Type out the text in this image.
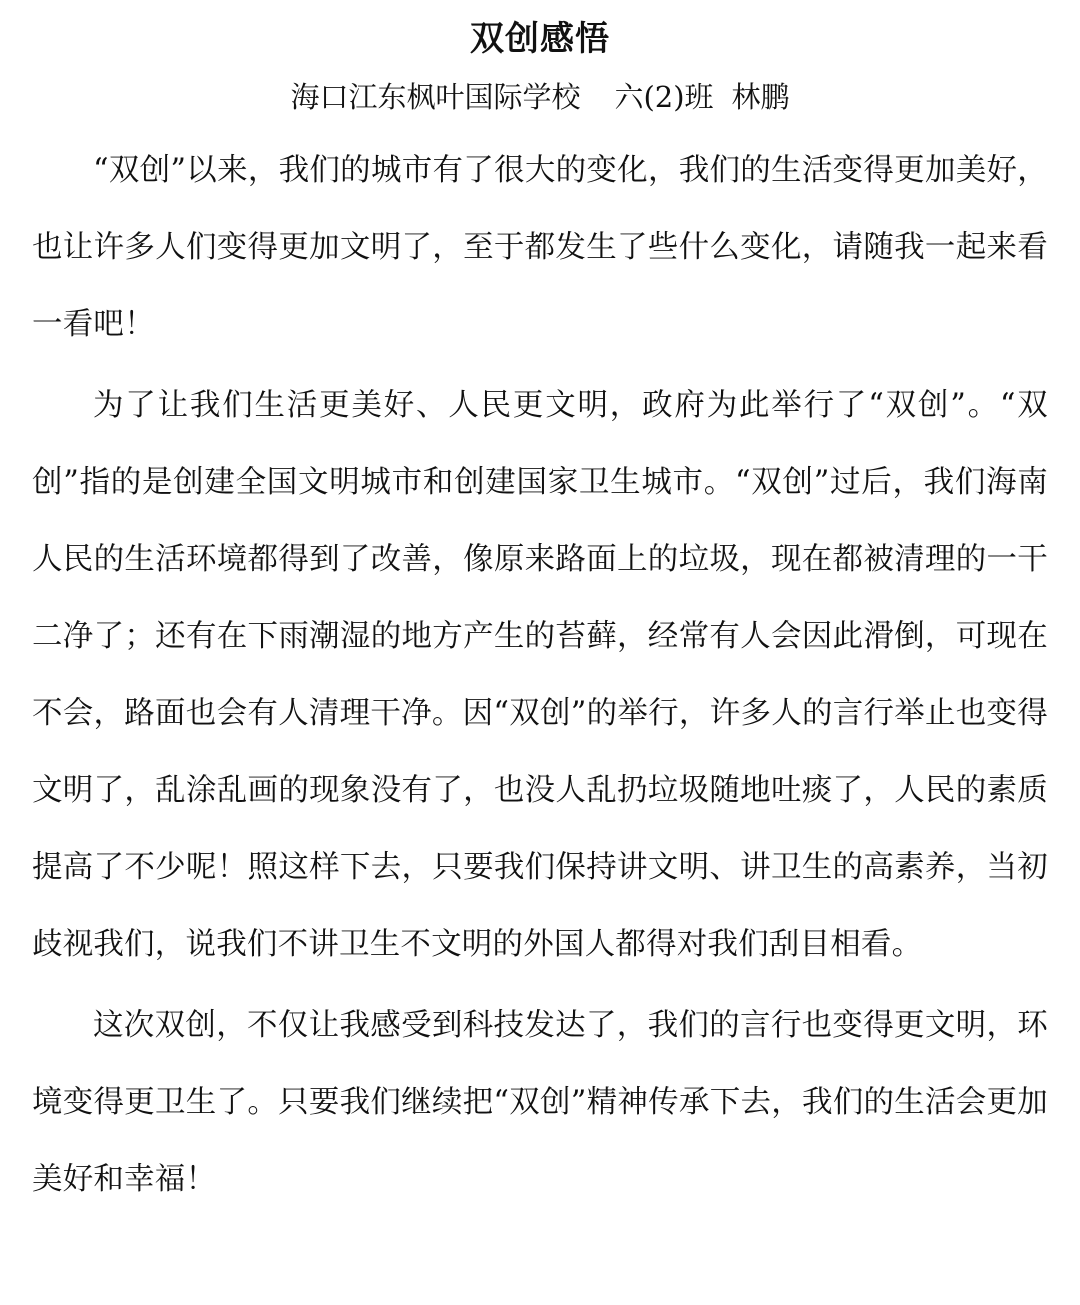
双创感悟

海口江东枫叶国际学校 六(2)班 林鹏

“双创”以来，我们的城市有了很大的变化，我们的生活变得更加美好，也让许多人们变得更加文明了，至于都发生了些什么变化，请随我一起来看一看吧！

为了让我们生活更美好、人民更文明，政府为此举行了“双创”。“双创”指的是创建全国文明城市和创建国家卫生城市。“双创”过后，我们海南人民的生活环境都得到了改善，像原来路面上的垃圾，现在都被清理的一干二净了；还有在下雨潮湿的地方产生的苔藓，经常有人会因此滑倒，可现在不会，路面也会有人清理干净。因“双创”的举行，许多人的言行举止也变得文明了，乱涂乱画的现象没有了，也没人乱扔垃圾随地吐痰了，人民的素质提高了不少呢！照这样下去，只要我们保持讲文明、讲卫生的高素养，当初歧视我们，说我们不讲卫生不文明的外国人都得对我们刮目相看。

这次双创，不仅让我感受到科技发达了，我们的言行也变得更文明，环境变得更卫生了。只要我们继续把“双创”精神传承下去，我们的生活会更加美好和幸福！
